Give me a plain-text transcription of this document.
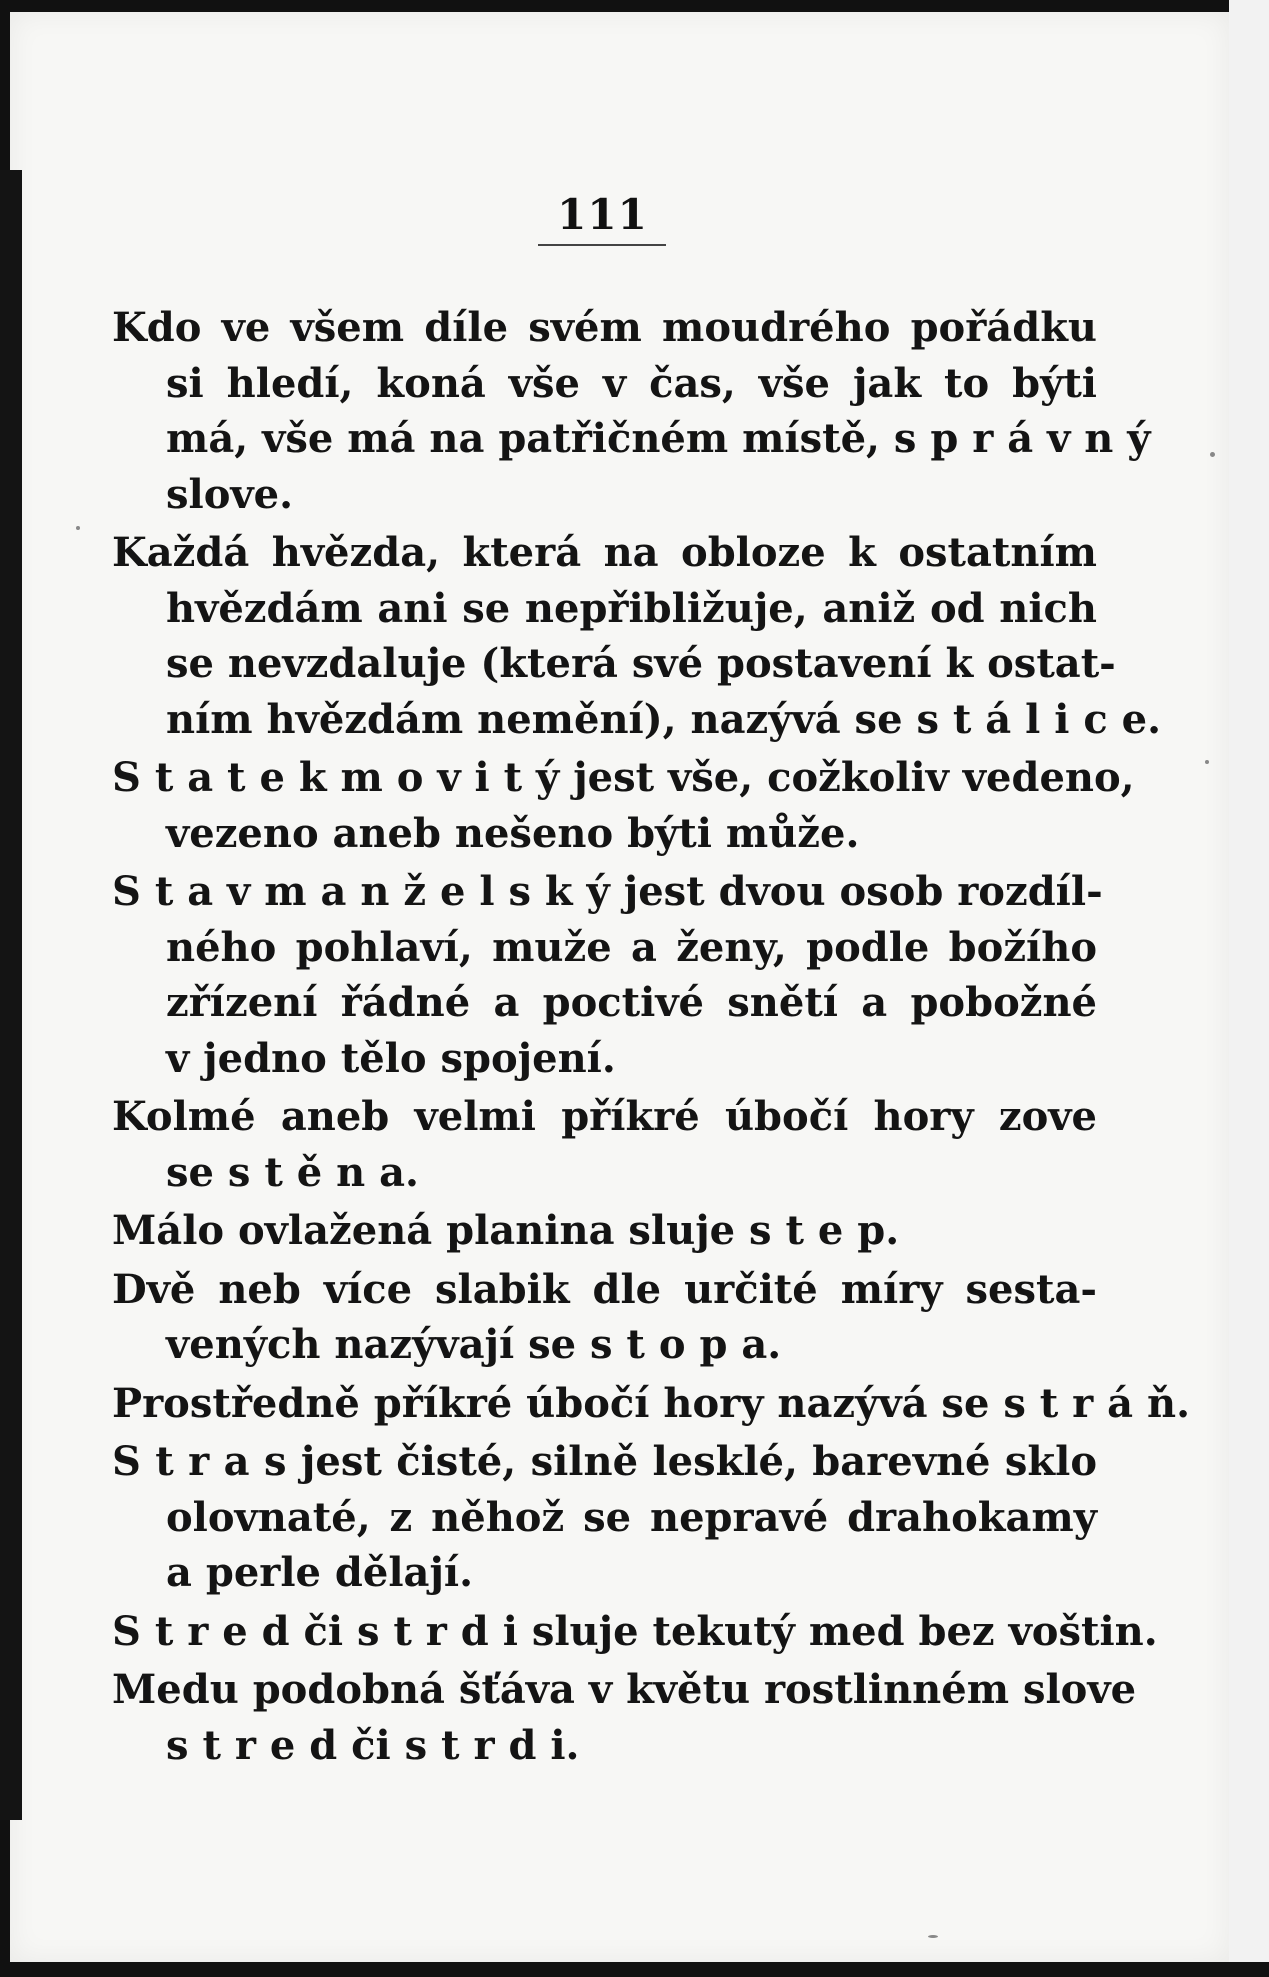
111
Kdo ve všem díle svém moudrého pořádku
si hledí, koná vše v čas, vše jak to býti
má, vše má na patřičném místě, s p r á v n ý
slove.
Každá hvězda, která na obloze k ostatním
hvězdám ani se nepřibližuje, aniž od nich
se nevzdaluje (která své postavení k ostat-
ním hvězdám nemění), nazývá se s t á l i c e.
S t a t e k m o v i t ý jest vše, cožkoliv vedeno,
vezeno aneb nešeno býti může.
S t a v m a n ž e l s k ý jest dvou osob rozdíl-
ného pohlaví, muže a ženy, podle božího
zřízení řádné a poctivé snětí a pobožné
v jedno tělo spojení.
Kolmé aneb velmi příkré úbočí hory zove
se s t ě n a.
Málo ovlažená planina sluje s t e p.
Dvě neb více slabik dle určité míry sesta-
vených nazývají se s t o p a.
Prostředně příkré úbočí hory nazývá se s t r á ň.
S t r a s jest čisté, silně lesklé, barevné sklo
olovnaté, z něhož se nepravé drahokamy
a perle dělají.
S t r e d či s t r d i sluje tekutý med bez voštin.
Medu podobná šťáva v květu rostlinném slove
s t r e d či s t r d i.
